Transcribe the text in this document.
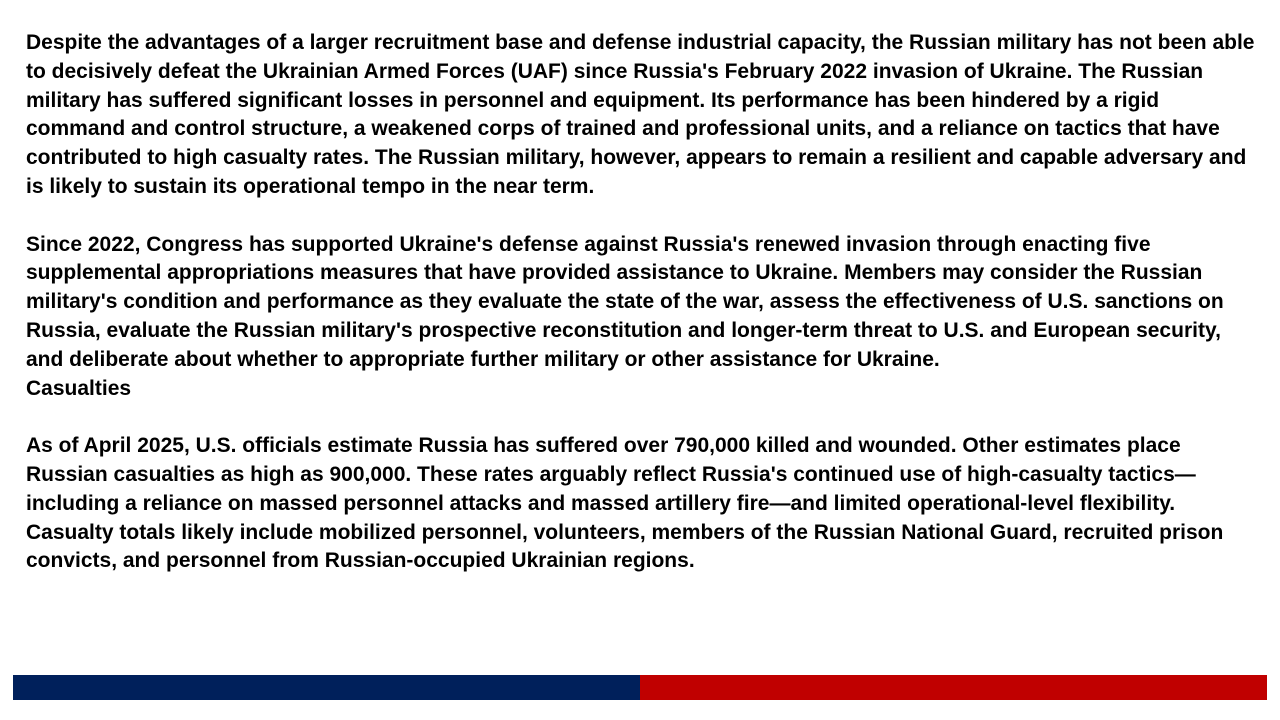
Despite the advantages of a larger recruitment base and defense industrial capacity, the Russian military has not been able to decisively defeat the Ukrainian Armed Forces (UAF) since Russia's February 2022 invasion of Ukraine. The Russian military has suffered significant losses in personnel and equipment. Its performance has been hindered by a rigid command and control structure, a weakened corps of trained and professional units, and a reliance on tactics that have contributed to high casualty rates. The Russian military, however, appears to remain a resilient and capable adversary and is likely to sustain its operational tempo in the near term.

Since 2022, Congress has supported Ukraine's defense against Russia's renewed invasion through enacting five supplemental appropriations measures that have provided assistance to Ukraine. Members may consider the Russian military's condition and performance as they evaluate the state of the war, assess the effectiveness of U.S. sanctions on Russia, evaluate the Russian military's prospective reconstitution and longer-term threat to U.S. and European security, and deliberate about whether to appropriate further military or other assistance for Ukraine.

Casualties

As of April 2025, U.S. officials estimate Russia has suffered over 790,000 killed and wounded. Other estimates place Russian casualties as high as 900,000. These rates arguably reflect Russia's continued use of high-casualty tactics—including a reliance on massed personnel attacks and massed artillery fire—and limited operational-level flexibility. Casualty totals likely include mobilized personnel, volunteers, members of the Russian National Guard, recruited prison convicts, and personnel from Russian-occupied Ukrainian regions.
